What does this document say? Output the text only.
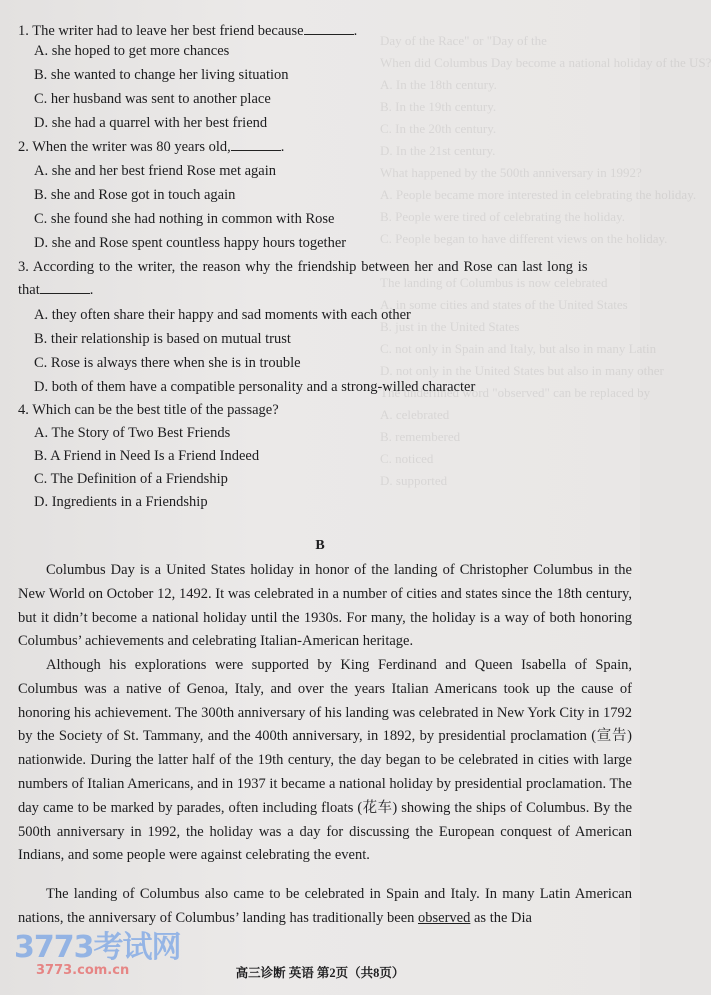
Day of the Race" or "Day of the
When did Columbus Day become a national holiday of the US?
A. In the 18th century.
B. In the 19th century.
C. In the 20th century.
D. In the 21st century.
What happened by the 500th anniversary in 1992?
A. People became more interested in celebrating the holiday.
B. People were tired of celebrating the holiday.
C. People began to have different views on the holiday.

The landing of Columbus is now celebrated
A. in some cities and states of the United States
B. just in the United States
C. not only in Spain and Italy, but also in many Latin
D. not only in the United States but also in many other
The underlined word "observed" can be replaced by
A. celebrated
B. remembered
C. noticed
D. supported
1. The writer had to leave her best friend because	.
A. she hoped to get more chances
B. she wanted to change her living situation
C. her husband was sent to another place
D. she had a quarrel with her best friend
2. When the writer was 80 years old,	.
A. she and her best friend Rose met again
B. she and Rose got in touch again
C. she found she had nothing in common with Rose
D. she and Rose spent countless happy hours together
3. According to the writer, the reason why the friendship between her and Rose can last long is
that	.
A. they often share their happy and sad moments with each other
B. their relationship is based on mutual trust
C. Rose is always there when she is in trouble
D. both of them have a compatible personality and a strong-willed character
4. Which can be the best title of the passage?
A. The Story of Two Best Friends
B. A Friend in Need Is a Friend Indeed
C. The Definition of a Friendship
D. Ingredients in a Friendship
B
Columbus Day is a United States holiday in honor of the landing of Christopher Columbus in the New World on October 12, 1492. It was celebrated in a number of cities and states since the 18th century, but it didn’t become a national holiday until the 1930s. For many, the holiday is a way of both honoring Columbus’ achievements and celebrating Italian-American heritage.
Although his explorations were supported by King Ferdinand and Queen Isabella of Spain, Columbus was a native of Genoa, Italy, and over the years Italian Americans took up the cause of honoring his achievement. The 300th anniversary of his landing was celebrated in New York City in 1792 by the Society of St. Tammany, and the 400th anniversary, in 1892, by presidential proclamation (宣告) nationwide. During the latter half of the 19th century, the day began to be celebrated in cities with large numbers of Italian Americans, and in 1937 it became a national holiday by presidential proclamation. The day came to be marked by parades, often including floats (花车) showing the ships of Columbus. By the 500th anniversary in 1992, the holiday was a day for discussing the European conquest of American Indians, and some people were against celebrating the event.
The landing of Columbus also came to be celebrated in Spain and Italy. In many Latin American nations, the anniversary of Columbus’ landing has traditionally been observed as the Dia
3773考试网
3773.com.cn	高三诊断 英语 第2页（共8页）
